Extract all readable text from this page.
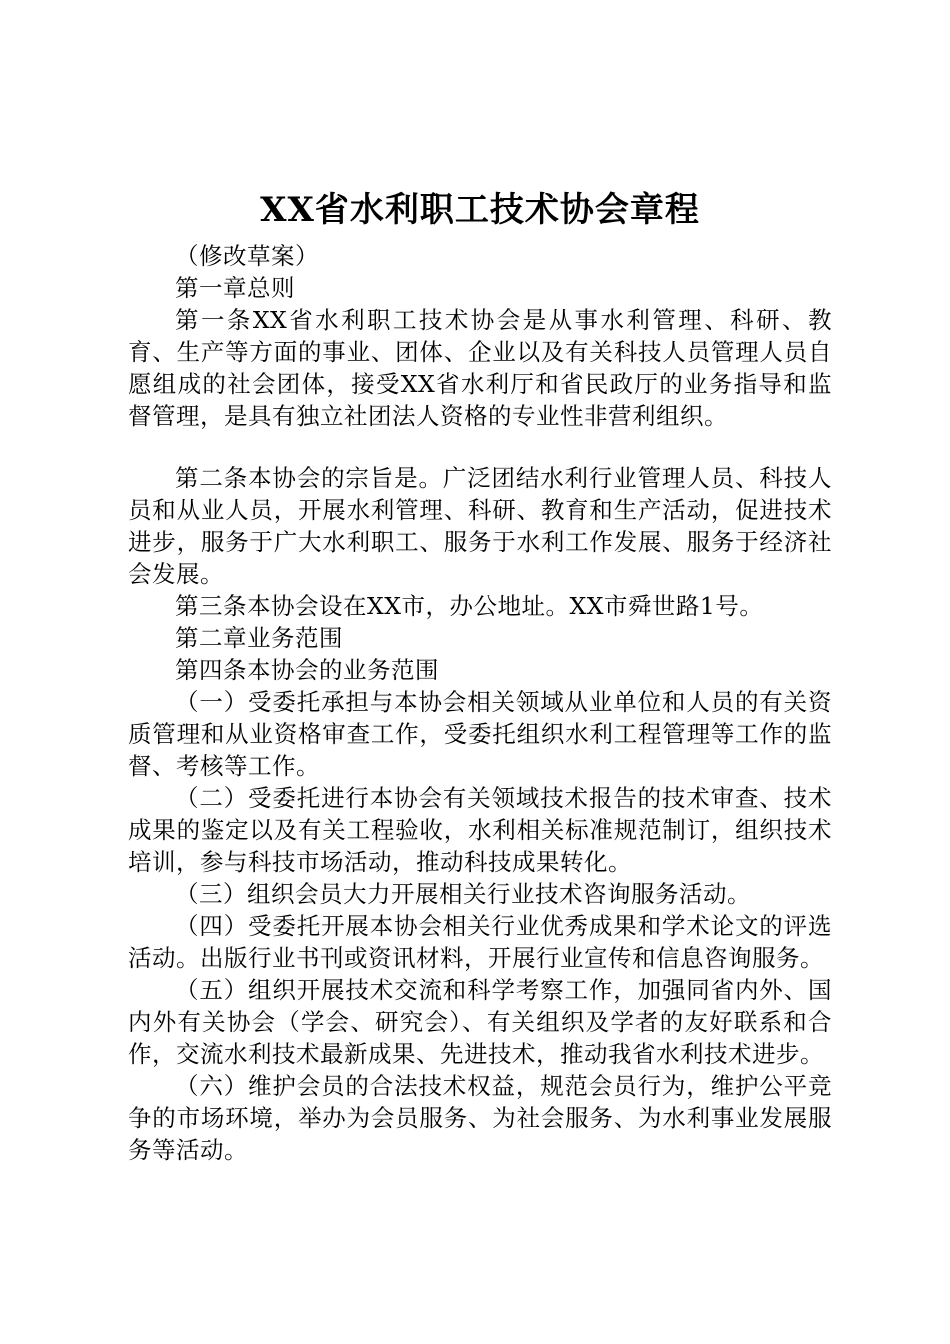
XX省水利职工技术协会章程

（修改草案）

第一章总则

第一条XX省水利职工技术协会是从事水利管理、科研、教育、生产等方面的事业、团体、企业以及有关科技人员管理人员自愿组成的社会团体，接受XX省水利厅和省民政厅的业务指导和监督管理，是具有独立社团法人资格的专业性非营利组织。

第二条本协会的宗旨是。广泛团结水利行业管理人员、科技人员和从业人员，开展水利管理、科研、教育和生产活动，促进技术进步，服务于广大水利职工、服务于水利工作发展、服务于经济社会发展。

第三条本协会设在XX市，办公地址。XX市舜世路1号。

第二章业务范围

第四条本协会的业务范围

（一）受委托承担与本协会相关领域从业单位和人员的有关资质管理和从业资格审查工作，受委托组织水利工程管理等工作的监督、考核等工作。

（二）受委托进行本协会有关领域技术报告的技术审查、技术成果的鉴定以及有关工程验收，水利相关标准规范制订，组织技术培训，参与科技市场活动，推动科技成果转化。

（三）组织会员大力开展相关行业技术咨询服务活动。

（四）受委托开展本协会相关行业优秀成果和学术论文的评选活动。出版行业书刊或资讯材料，开展行业宣传和信息咨询服务。

（五）组织开展技术交流和科学考察工作，加强同省内外、国内外有关协会（学会、研究会）、有关组织及学者的友好联系和合作，交流水利技术最新成果、先进技术，推动我省水利技术进步。

（六）维护会员的合法技术权益，规范会员行为，维护公平竞争的市场环境，举办为会员服务、为社会服务、为水利事业发展服务等活动。
